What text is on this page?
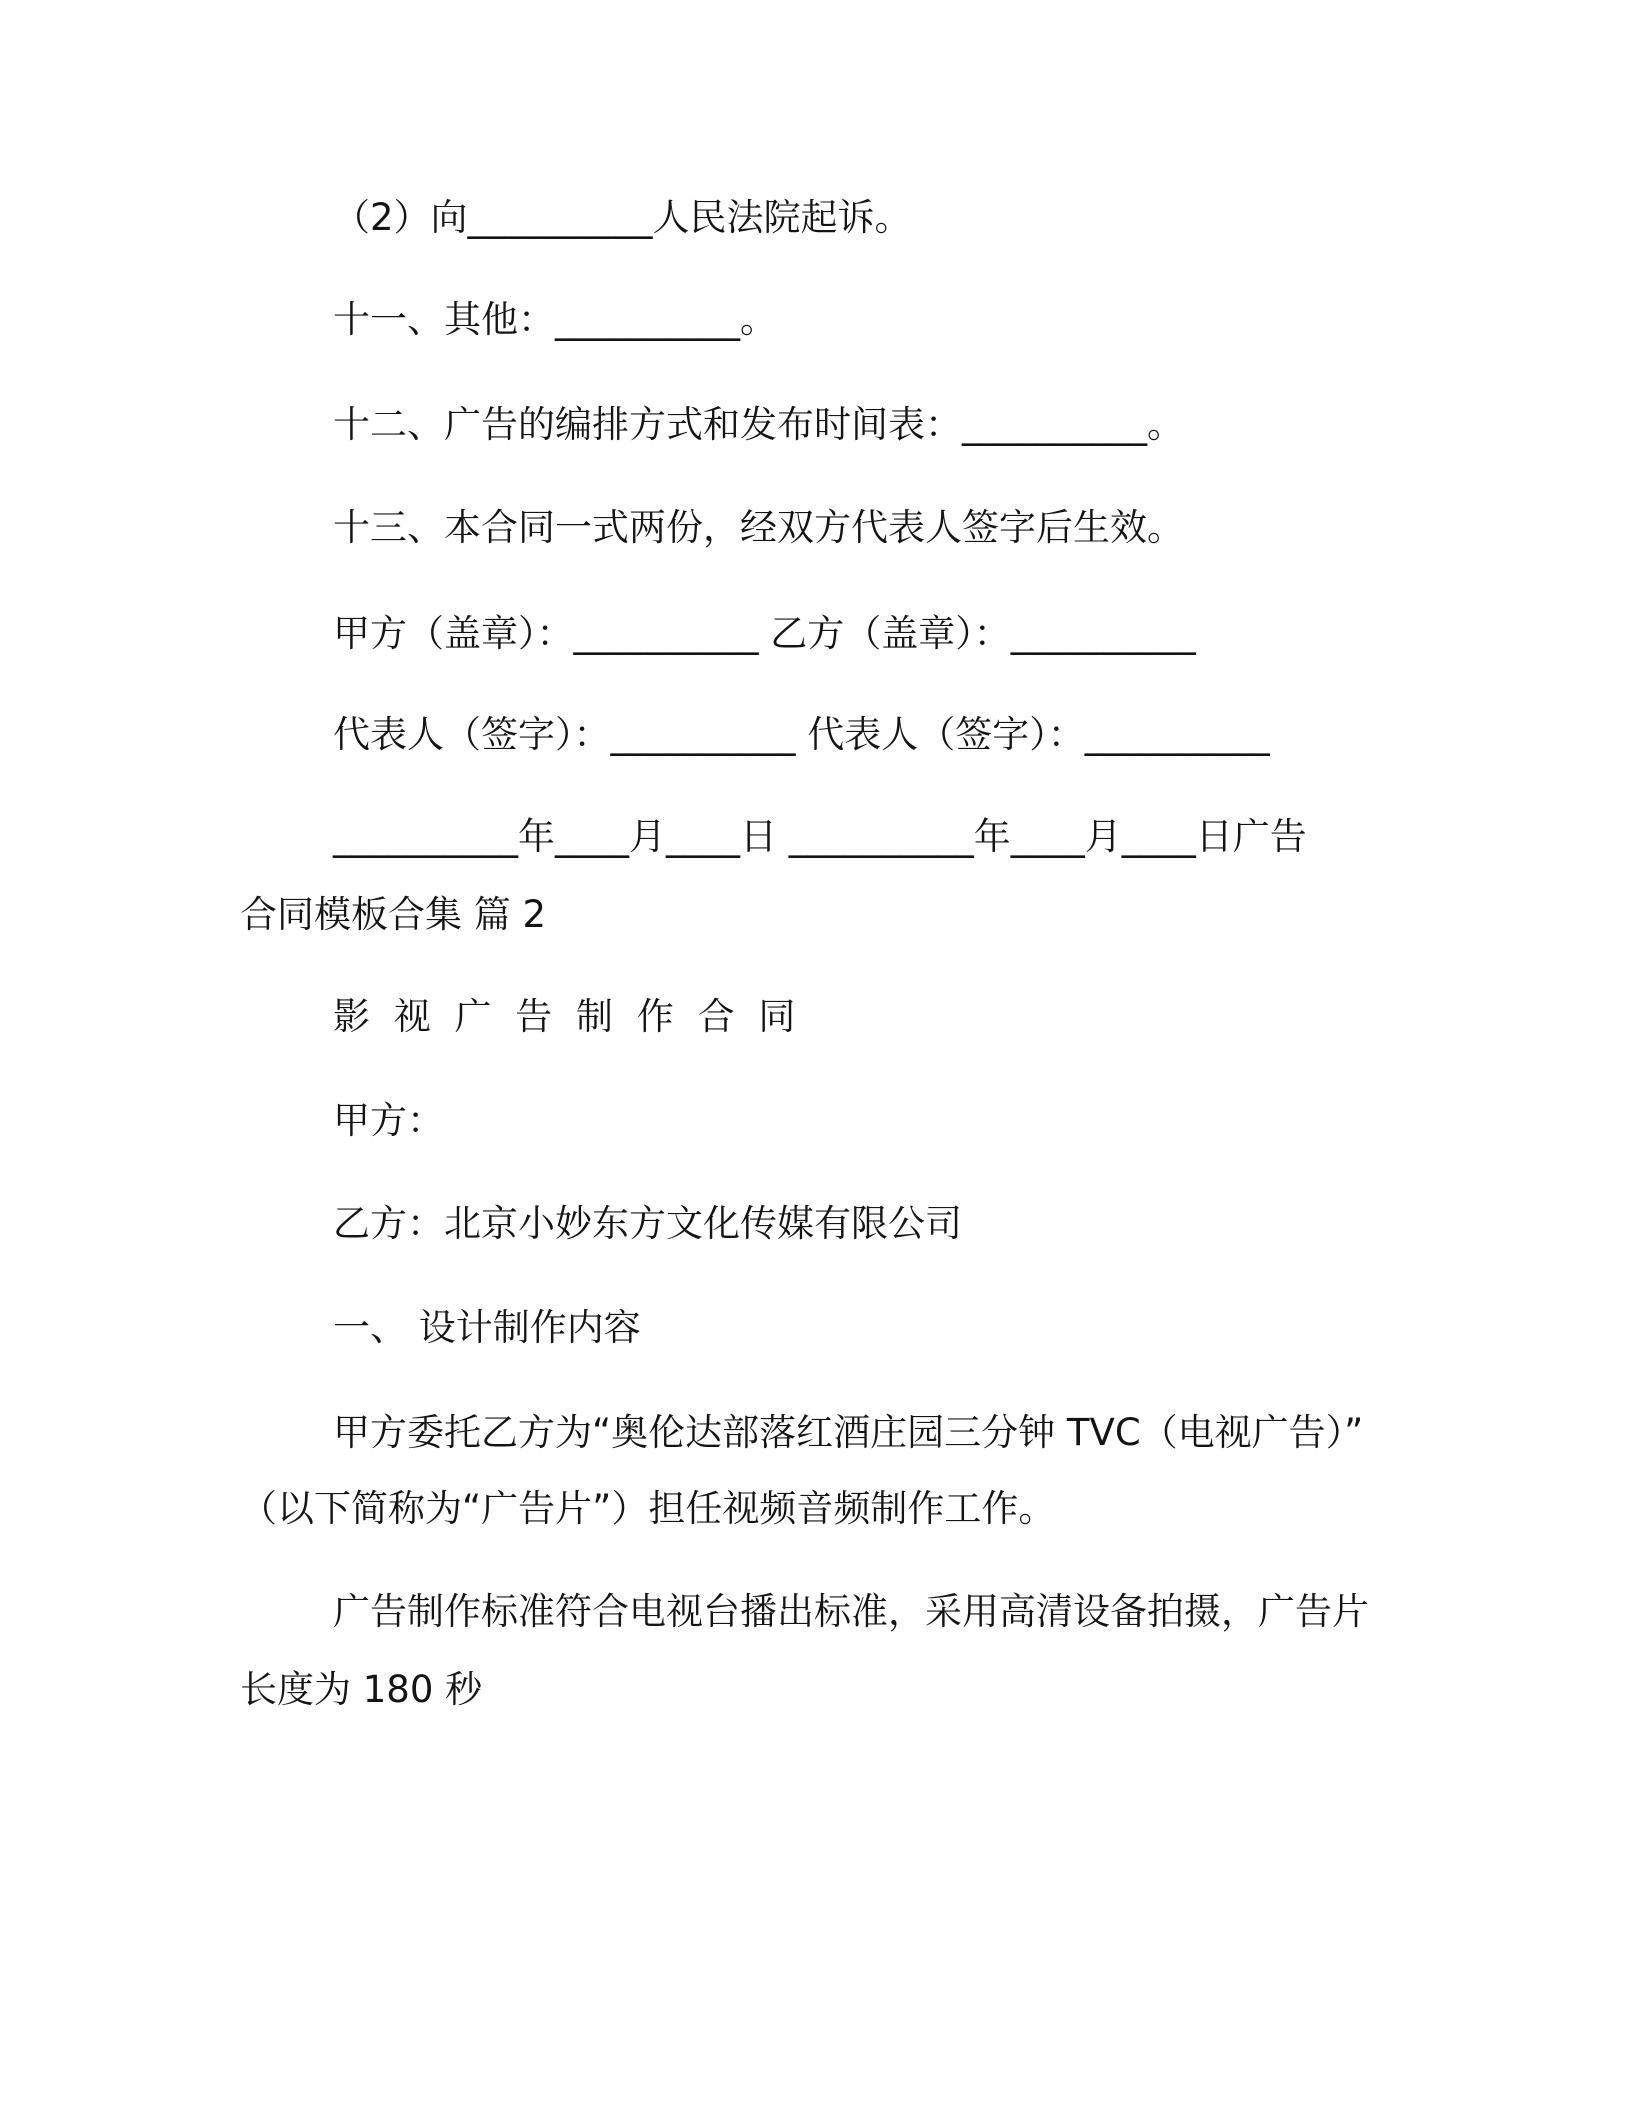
（2）向__________人民法院起诉。
十一、其他：__________。
十二、广告的编排方式和发布时间表：__________。
十三、本合同一式两份，经双方代表人签字后生效。
甲方（盖章）：__________ 乙方（盖章）：__________
代表人（签字）：__________ 代表人（签字）：__________
__________年____月____日 __________年____月____日广告
合同模板合集 篇 2
影 视 广 告 制 作 合 同
甲方：
乙方：北京小妙东方文化传媒有限公司
一、 设计制作内容
甲方委托乙方为“奥伦达部落红酒庄园三分钟 TVC（电视广告）”
（以下简称为“广告片”）担任视频音频制作工作。
广告制作标准符合电视台播出标准，采用高清设备拍摄，广告片
长度为 180 秒
